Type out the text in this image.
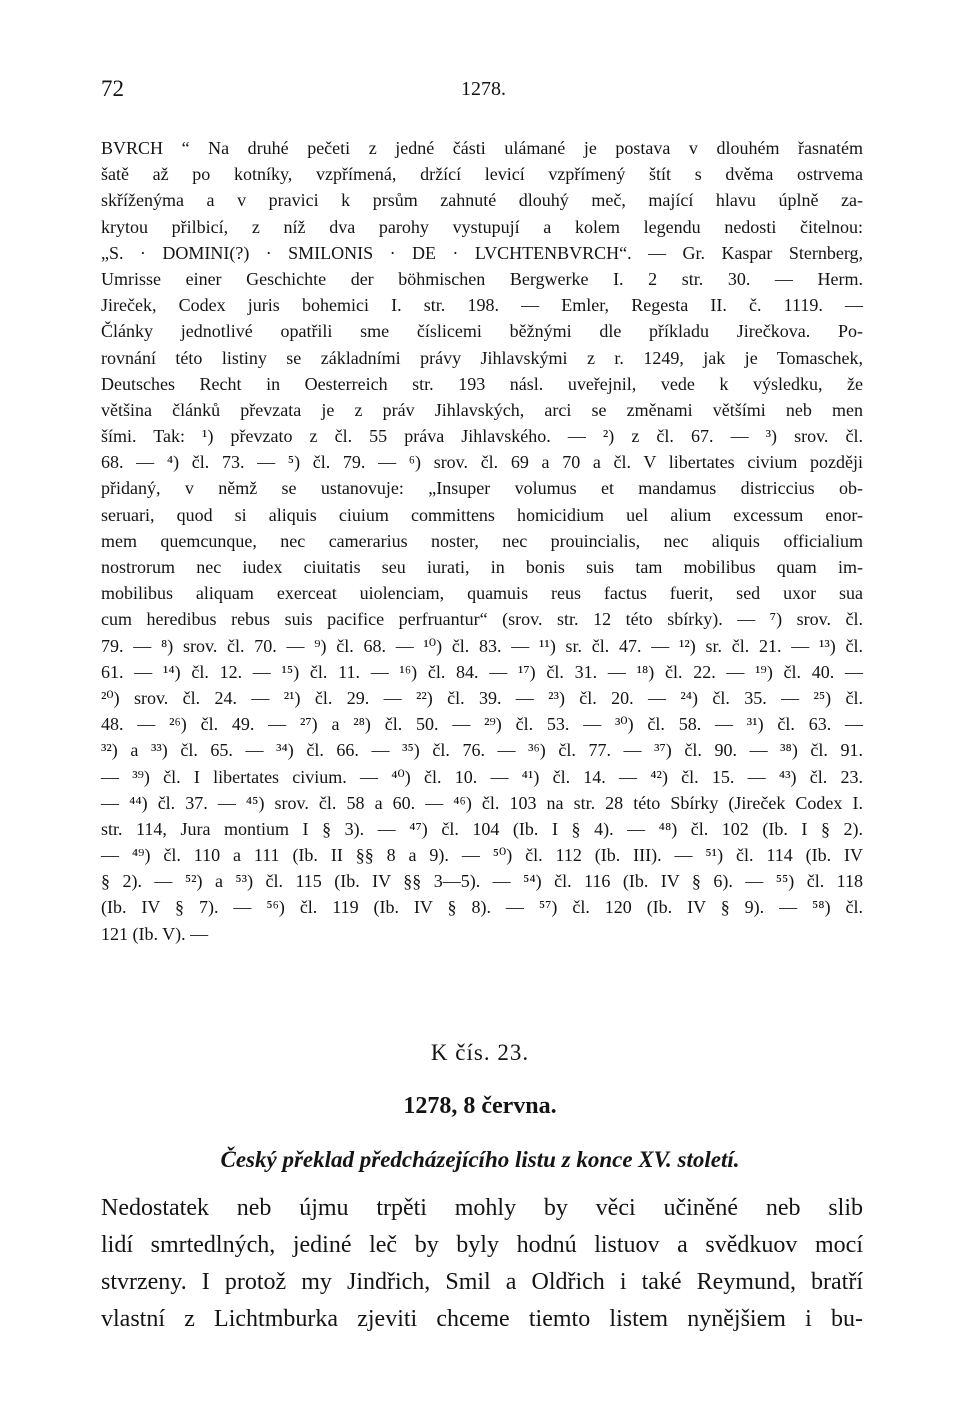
72	1278.
BVRCH “ Na druhé pečeti z jedné části ulámané je postava v dlouhém řasnatém
šatě až po kotníky, vzpřímená, držící levicí vzpřímený štít s dvěma ostrvema
skřížen‌ýma a v pravici k prsům zahnuté dlouhý meč, mající hlavu úplně za-
krytou přilbicí, z níž dva parohy vystupují a kolem legendu nedosti čitelnou:
„S. · DOMINI(?) · SMILONIS · DE · LVCHTENBVRCH“. — Gr. Kaspar Sternberg,
Umrisse einer Geschichte der böhmischen Bergwerke I. 2 str. 30. — Herm.
Jireček, Codex juris bohemici I. str. 198. — Emler, Regesta II. č. 1119. —
Články jednotlivé opatřili sme číslicemi běžnými dle příkladu Jirečkova. Po-
rovnání této listiny se základními právy Jihlavskými z r. 1249, jak je Tomaschek,
Deutsches Recht in Oesterreich str. 193 násl. uveřejnil, vede k výsledku, že
většina článků převzata je z práv Jihlavských, arci se změnami většími neb men
šími. Tak: ¹) převzato z čl. 55 práva Jihlavského. — ²) z čl. 67. — ³) srov. čl.
68. — ⁴) čl. 73. — ⁵) čl. 79. — ⁶) srov. čl. 69 a 70 a čl. V libertates civium později
přidaný, v němž se ustanovuje: „Insuper volumus et mandamus districcius ob-
seruari, quod si aliquis ciuium committens homicidium uel alium excessum enor-
mem quemcunque, nec camerarius noster, nec prouincialis, nec aliquis officialium
nostrorum nec iudex ciuitatis seu iurati, in bonis suis tam mobilibus quam im-
mobilibus aliquam exerceat uiolenciam, quamuis reus factus fuerit, sed uxor sua
cum heredibus rebus suis pacifice perfruantur“ (srov. str. 12 této sbírky). — ⁷) srov. čl.
79. — ⁸) srov. čl. 70. — ⁹) čl. 68. — ¹⁰) čl. 83. — ¹¹) sr. čl. 47. — ¹²) sr. čl. 21. — ¹³) čl.
61. — ¹⁴) čl. 12. — ¹⁵) čl. 11. — ¹⁶) čl. 84. — ¹⁷) čl. 31. — ¹⁸) čl. 22. — ¹⁹) čl. 40. —
²⁰) srov. čl. 24. — ²¹) čl. 29. — ²²) čl. 39. — ²³) čl. 20. — ²⁴) čl. 35. — ²⁵) čl.
48. — ²⁶) čl. 49. — ²⁷) a ²⁸) čl. 50. — ²⁹) čl. 53. — ³⁰) čl. 58. — ³¹) čl. 63. —
³²) a ³³) čl. 65. — ³⁴) čl. 66. — ³⁵) čl. 76. — ³⁶) čl. 77. — ³⁷) čl. 90. — ³⁸) čl. 91.
— ³⁹) čl. I libertates civium. — ⁴⁰) čl. 10. — ⁴¹) čl. 14. — ⁴²) čl. 15. — ⁴³) čl. 23.
— ⁴⁴) čl. 37. — ⁴⁵) srov. čl. 58 a 60. — ⁴⁶) čl. 103 na str. 28 této Sbírky (Jireček Codex I.
str. 114, Jura montium I § 3). — ⁴⁷) čl. 104 (Ib. I § 4). — ⁴⁸) čl. 102 (Ib. I § 2).
— ⁴⁹) čl. 110 a 111 (Ib. II §§ 8 a 9). — ⁵⁰) čl. 112 (Ib. III). — ⁵¹) čl. 114 (Ib. IV
§ 2). — ⁵²) a ⁵³) čl. 115 (Ib. IV §§ 3—5). — ⁵⁴) čl. 116 (Ib. IV § 6). — ⁵⁵) čl. 118
(Ib. IV § 7). — ⁵⁶) čl. 119 (Ib. IV § 8). — ⁵⁷) čl. 120 (Ib. IV § 9). — ⁵⁸) čl.
121 (Ib. V). —
K čís. 23.
1278, 8 června.
Český překlad předcházejícího listu z konce XV. století.
Nedostatek neb újmu trpěti mohly by věci učiněné neb slib
lidí smrtedlných, jediné leč by byly hodnú listuov a svědkuov mocí
stvrzeny. I protož my Jindřich, Smil a Oldřich i také Reymund, bratří
vlastní z Lichtmburka zjeviti chceme tiemto listem nynějšiem i bu-
